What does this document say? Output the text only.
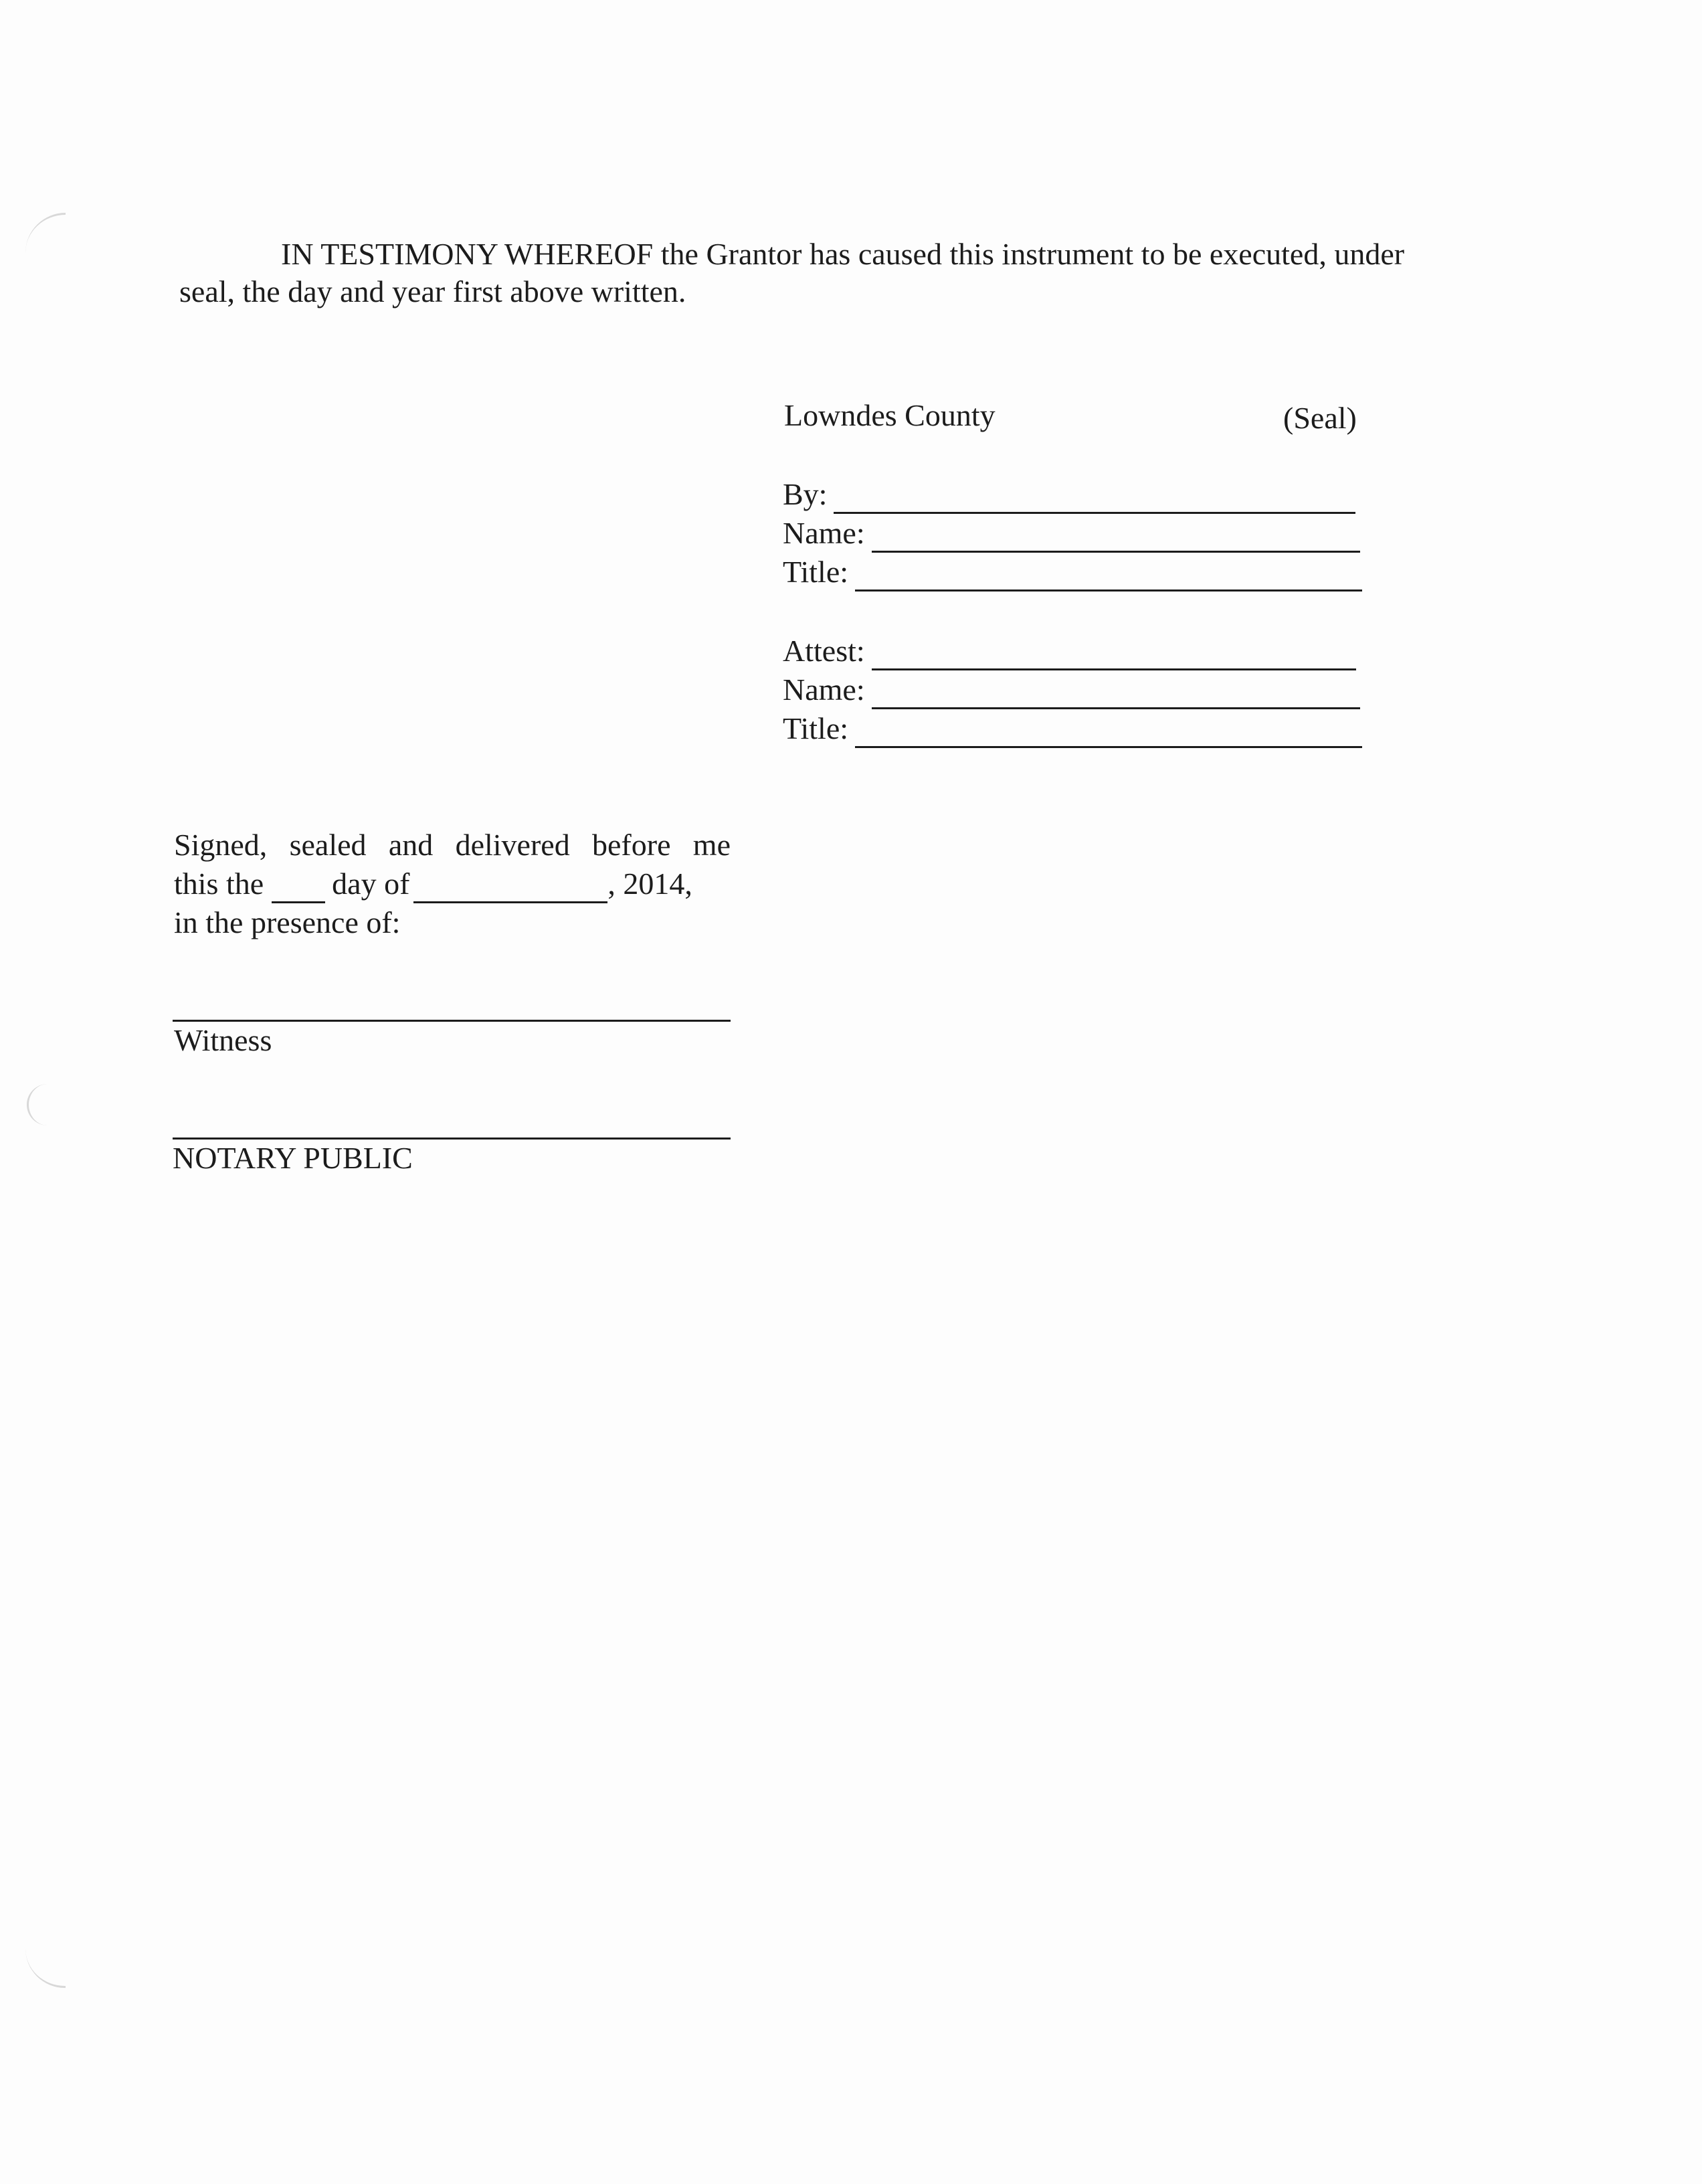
IN TESTIMONY WHEREOF the Grantor has caused this instrument to be executed, under
seal, the day and year first above written.
Lowndes County	(Seal)
By:
Name:
Title:
Attest:
Name:
Title:
Signed, sealed and delivered before me
this the day of	, 2014,
in the presence of:
Witness
NOTARY PUBLIC
